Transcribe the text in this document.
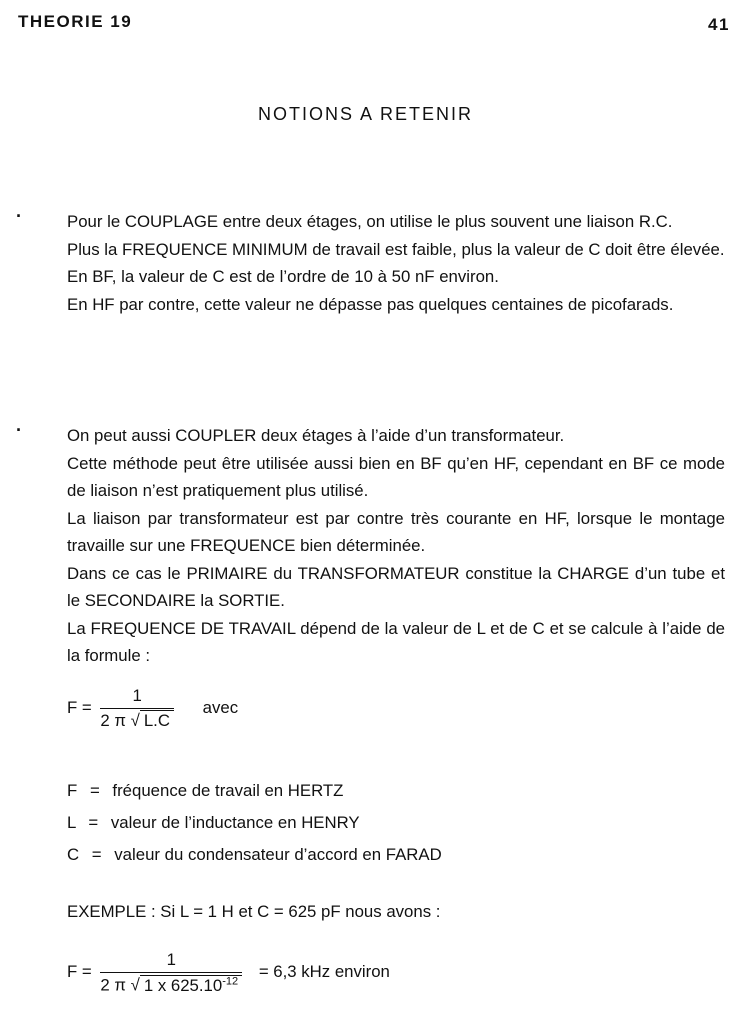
THEORIE 19	41
NOTIONS A RETENIR
·	Pour le COUPLAGE entre deux étages, on utilise le plus souvent une liaison R.C.

Plus la FREQUENCE MINIMUM de travail est faible, plus la valeur de C doit être élevée.

En BF, la valeur de C est de l’ordre de 10 à 50 nF environ.

En HF par contre, cette valeur ne dépasse pas quelques centaines de picofarads.

·	On peut aussi COUPLER deux étages à l’aide d’un transformateur.

Cette méthode peut être utilisée aussi bien en BF qu’en HF, cependant en BF ce mode de liaison n’est pratiquement plus utilisé.

La liaison par transformateur est par contre très courante en HF, lorsque le montage travaille sur une FREQUENCE bien déterminée.

Dans ce cas le PRIMAIRE du TRANSFORMATEUR constitue la CHARGE d’un tube et le SECONDAIRE la SORTIE.

La FREQUENCE DE TRAVAIL dépend de la valeur de L et de C et se calcule à l’aide de la formule :

$F = \frac{1}{2 \pi √ L.C}$ avec
F = fréquence de travail en HERTZ
L = valeur de l’inductance en HENRY
C = valeur du condensateur d’accord en FARAD
EXEMPLE : Si L = 1 H et C = 625 pF nous avons :
$F = \frac{1}{2 \pi √ 1 x 625.10^{-12}} = 6,3$ kHz environ
